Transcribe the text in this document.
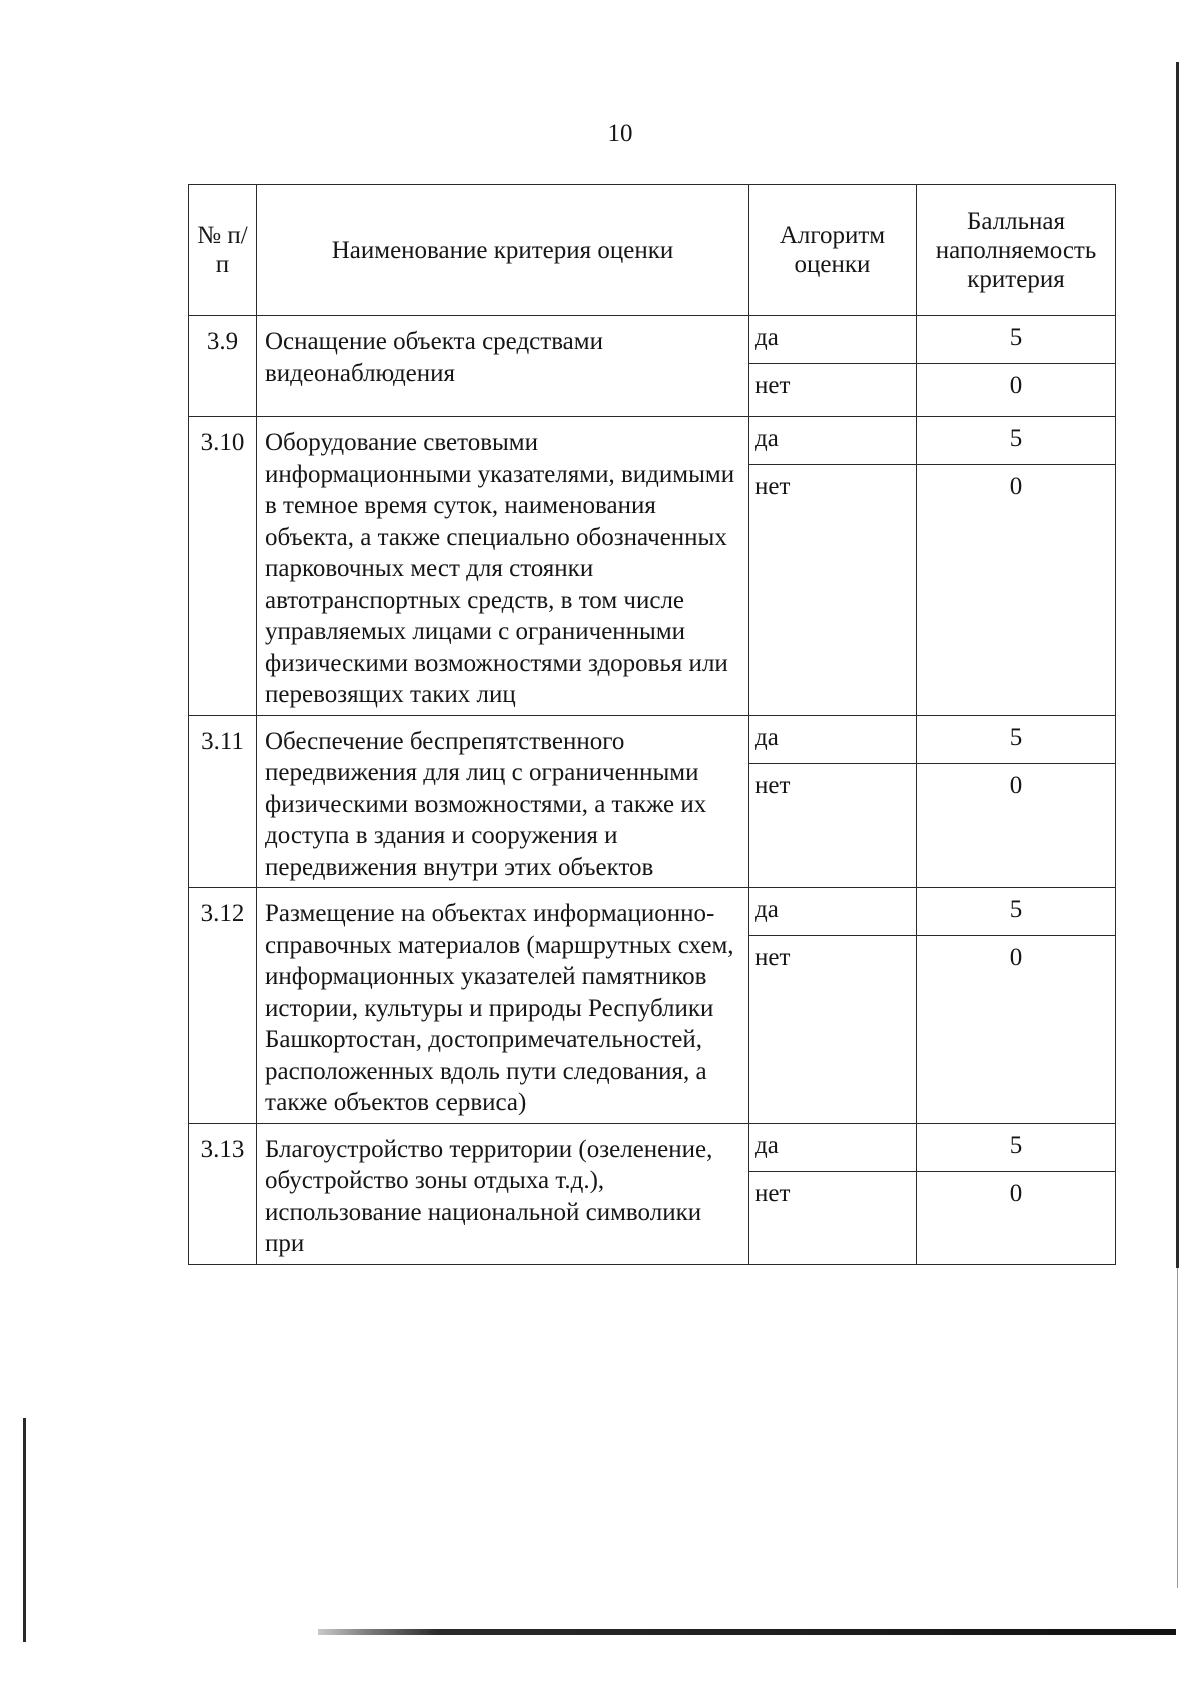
10
№ п/п	Наименование критерия оценки	Алгоритм оценки	Балльная наполняемость критерия
3.9	Оснащение объекта средствами видеонаблюдения	да	5
		нет	0
3.10	Оборудование световыми информационными указателями, видимыми в темное время суток, наименования объекта, а также специально обозначенных парковочных мест для стоянки автотранспортных средств, в том числе управляемых лицами с ограниченными физическими возможностями здоровья или перевозящих таких лиц	да	5
		нет	0
3.11	Обеспечение беспрепятственного передвижения для лиц с ограниченными физическими возможностями, а также их доступа в здания и сооружения и передвижения внутри этих объектов	да	5
		нет	0
3.12	Размещение на объектах информационно-справочных материалов (маршрутных схем, информационных указателей памятников истории, культуры и природы Республики Башкортостан, достопримечательностей, расположенных вдоль пути следования, а также объектов сервиса)	да	5
		нет	0
3.13	Благоустройство территории (озеленение, обустройство зоны отдыха т.д.), использование национальной символики при	да	5
		нет	0
